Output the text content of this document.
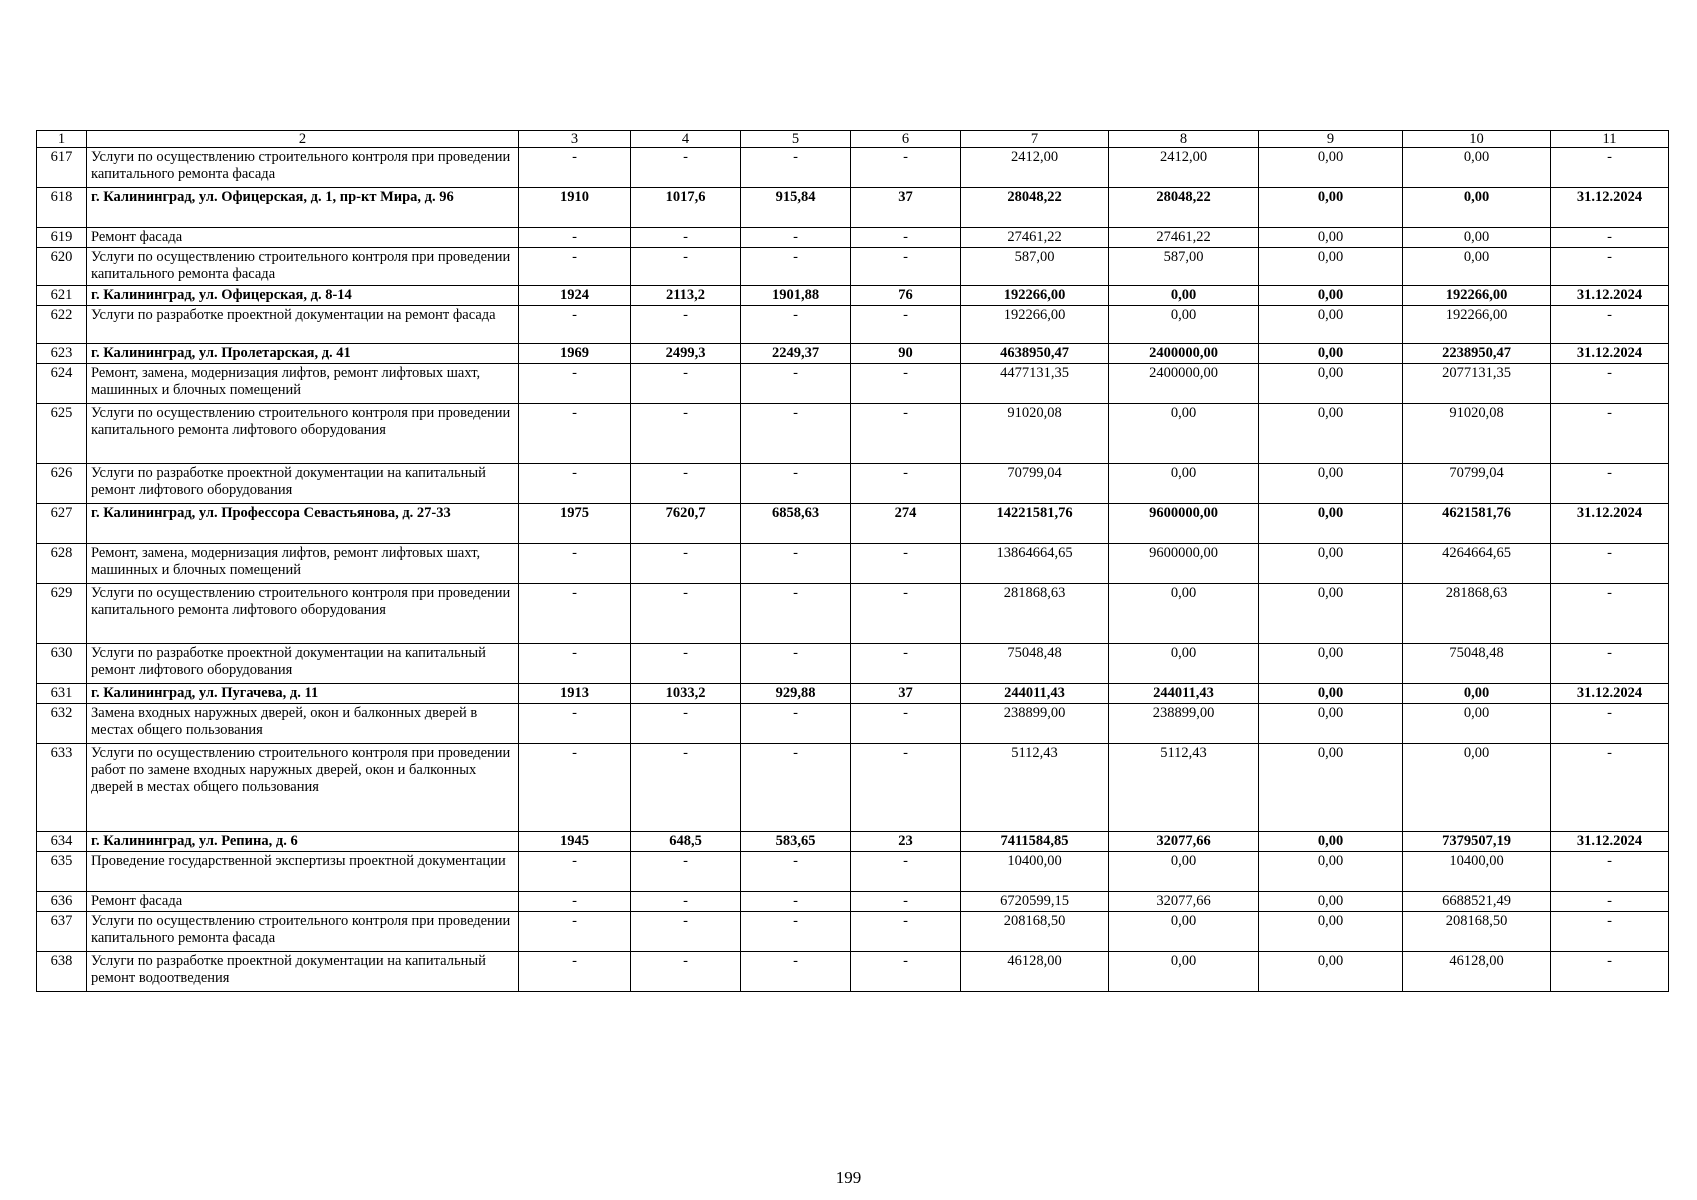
1	2	3	4	5	6	7	8	9	10	11
617	Услуги по осуществлению строительного контроля при проведении капитального ремонта фасада	-	-	-	-	2412,00	2412,00	0,00	0,00	-
618	г. Калининград, ул. Офицерская, д. 1, пр-кт Мира, д. 96	1910	1017,6	915,84	37	28048,22	28048,22	0,00	0,00	31.12.2024
619	Ремонт фасада	-	-	-	-	27461,22	27461,22	0,00	0,00	-
620	Услуги по осуществлению строительного контроля при проведении капитального ремонта фасада	-	-	-	-	587,00	587,00	0,00	0,00	-
621	г. Калининград, ул. Офицерская, д. 8-14	1924	2113,2	1901,88	76	192266,00	0,00	0,00	192266,00	31.12.2024
622	Услуги по разработке проектной документации на ремонт фасада	-	-	-	-	192266,00	0,00	0,00	192266,00	-
623	г. Калининград, ул. Пролетарская, д. 41	1969	2499,3	2249,37	90	4638950,47	2400000,00	0,00	2238950,47	31.12.2024
624	Ремонт, замена, модернизация лифтов, ремонт лифтовых шахт, машинных и блочных помещений	-	-	-	-	4477131,35	2400000,00	0,00	2077131,35	-
625	Услуги по осуществлению строительного контроля при проведении капитального ремонта лифтового оборудования	-	-	-	-	91020,08	0,00	0,00	91020,08	-
626	Услуги по разработке проектной документации на капитальный ремонт лифтового оборудования	-	-	-	-	70799,04	0,00	0,00	70799,04	-
627	г. Калининград, ул. Профессора Севастьянова, д. 27-33	1975	7620,7	6858,63	274	14221581,76	9600000,00	0,00	4621581,76	31.12.2024
628	Ремонт, замена, модернизация лифтов, ремонт лифтовых шахт, машинных и блочных помещений	-	-	-	-	13864664,65	9600000,00	0,00	4264664,65	-
629	Услуги по осуществлению строительного контроля при проведении капитального ремонта лифтового оборудования	-	-	-	-	281868,63	0,00	0,00	281868,63	-
630	Услуги по разработке проектной документации на капитальный ремонт лифтового оборудования	-	-	-	-	75048,48	0,00	0,00	75048,48	-
631	г. Калининград, ул. Пугачева, д. 11	1913	1033,2	929,88	37	244011,43	244011,43	0,00	0,00	31.12.2024
632	Замена входных наружных дверей, окон и балконных дверей в местах общего пользования	-	-	-	-	238899,00	238899,00	0,00	0,00	-
633	Услуги по осуществлению строительного контроля при проведении работ по замене входных наружных дверей, окон и балконных дверей в местах общего пользования	-	-	-	-	5112,43	5112,43	0,00	0,00	-
634	г. Калининград, ул. Репина, д. 6	1945	648,5	583,65	23	7411584,85	32077,66	0,00	7379507,19	31.12.2024
635	Проведение государственной экспертизы проектной документации	-	-	-	-	10400,00	0,00	0,00	10400,00	-
636	Ремонт фасада	-	-	-	-	6720599,15	32077,66	0,00	6688521,49	-
637	Услуги по осуществлению строительного контроля при проведении капитального ремонта фасада	-	-	-	-	208168,50	0,00	0,00	208168,50	-
638	Услуги по разработке проектной документации на капитальный ремонт водоотведения	-	-	-	-	46128,00	0,00	0,00	46128,00	-
199
